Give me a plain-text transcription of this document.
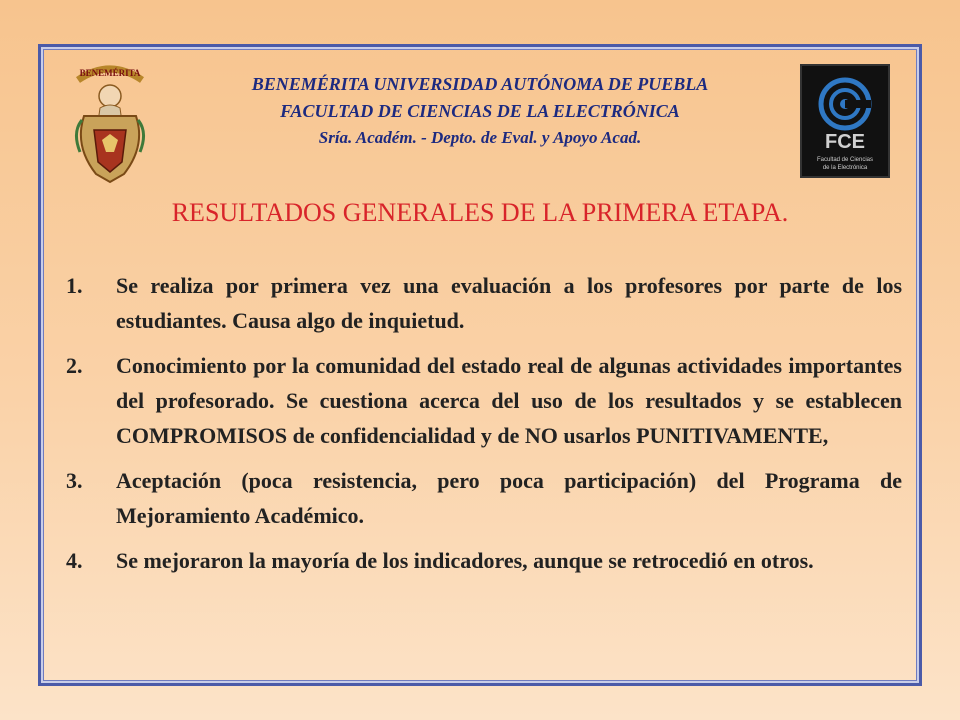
BENEMÉRITA
FCE
Facultad de Ciencias
de la Electrónica

BENEMÉRITA UNIVERSIDAD AUTÓNOMA DE PUEBLA

FACULTAD DE CIENCIAS DE LA ELECTRÓNICA

Sría. Académ. - Depto. de Eval. y Apoyo Acad.

RESULTADOS GENERALES DE LA PRIMERA ETAPA.
1. Se realiza por primera vez una evaluación a los profesores por parte de los estudiantes. Causa algo de inquietud.
2. Conocimiento por la comunidad del estado real de algunas actividades importantes del profesorado. Se cuestiona acerca del uso de los resultados y se establecen COMPROMISOS de confidencialidad y de NO usarlos PUNITIVAMENTE,
3. Aceptación (poca resistencia, pero poca participación) del Programa de Mejoramiento Académico.
4. Se mejoraron la mayoría de los indicadores, aunque se retrocedió en otros.
